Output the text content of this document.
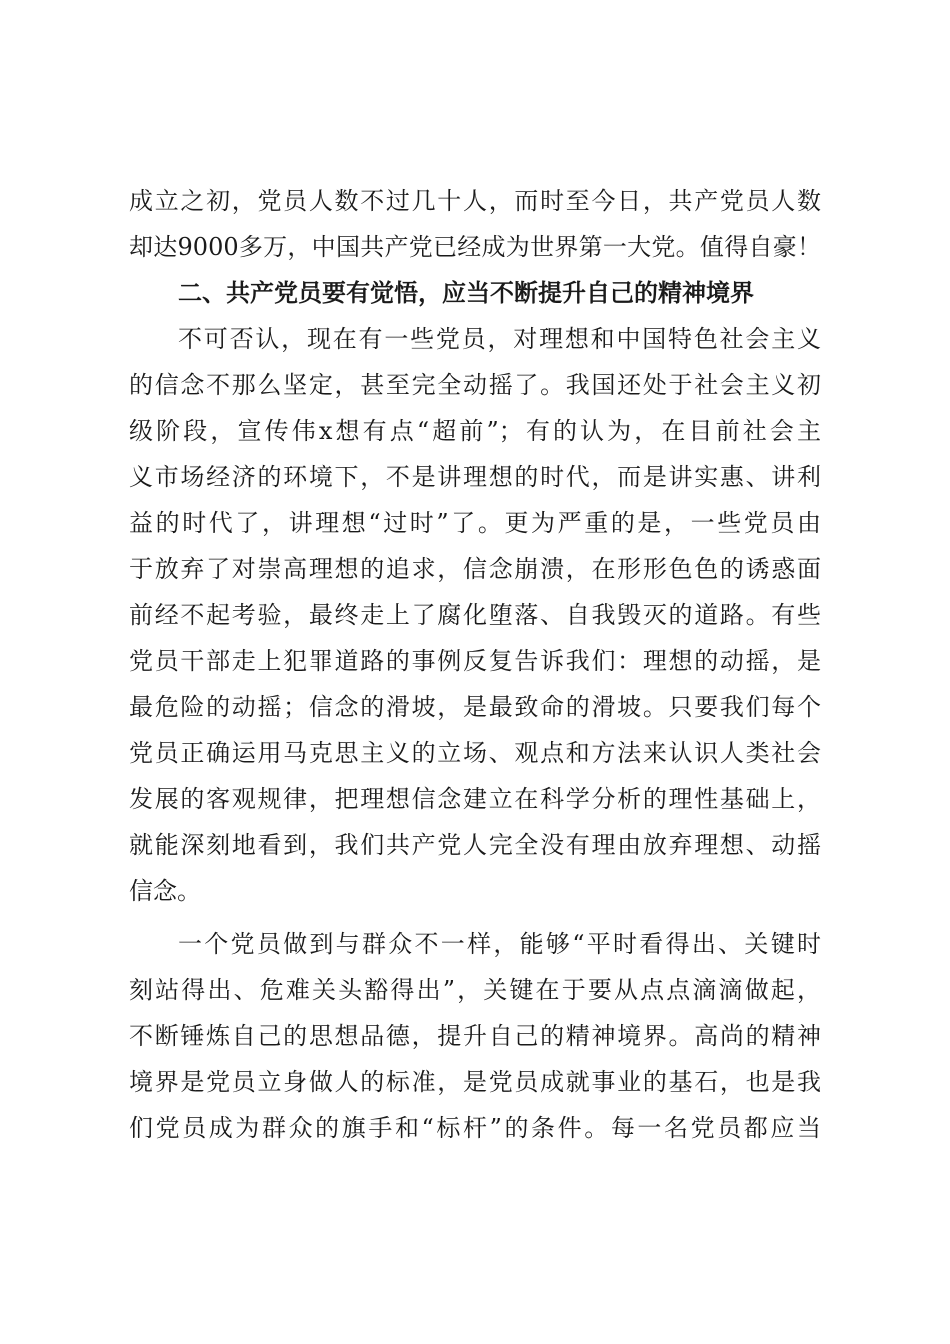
成立之初，党员人数不过几十人，而时至今日，共产党员人数
却达9000多万，中国共产党已经成为世界第一大党。值得自豪！
二、共产党员要有觉悟，应当不断提升自己的精神境界
不可否认，现在有一些党员，对理想和中国特色社会主义
的信念不那么坚定，甚至完全动摇了。我国还处于社会主义初
级阶段，宣传伟x想有点“超前”；有的认为，在目前社会主
义市场经济的环境下，不是讲理想的时代，而是讲实惠、讲利
益的时代了，讲理想“过时”了。更为严重的是，一些党员由
于放弃了对崇高理想的追求，信念崩溃，在形形色色的诱惑面
前经不起考验，最终走上了腐化堕落、自我毁灭的道路。有些
党员干部走上犯罪道路的事例反复告诉我们：理想的动摇，是
最危险的动摇；信念的滑坡，是最致命的滑坡。只要我们每个
党员正确运用马克思主义的立场、观点和方法来认识人类社会
发展的客观规律，把理想信念建立在科学分析的理性基础上，
就能深刻地看到，我们共产党人完全没有理由放弃理想、动摇
信念。
一个党员做到与群众不一样，能够“平时看得出、关键时
刻站得出、危难关头豁得出”，关键在于要从点点滴滴做起，
不断锤炼自己的思想品德，提升自己的精神境界。高尚的精神
境界是党员立身做人的标准，是党员成就事业的基石，也是我
们党员成为群众的旗手和“标杆”的条件。每一名党员都应当
